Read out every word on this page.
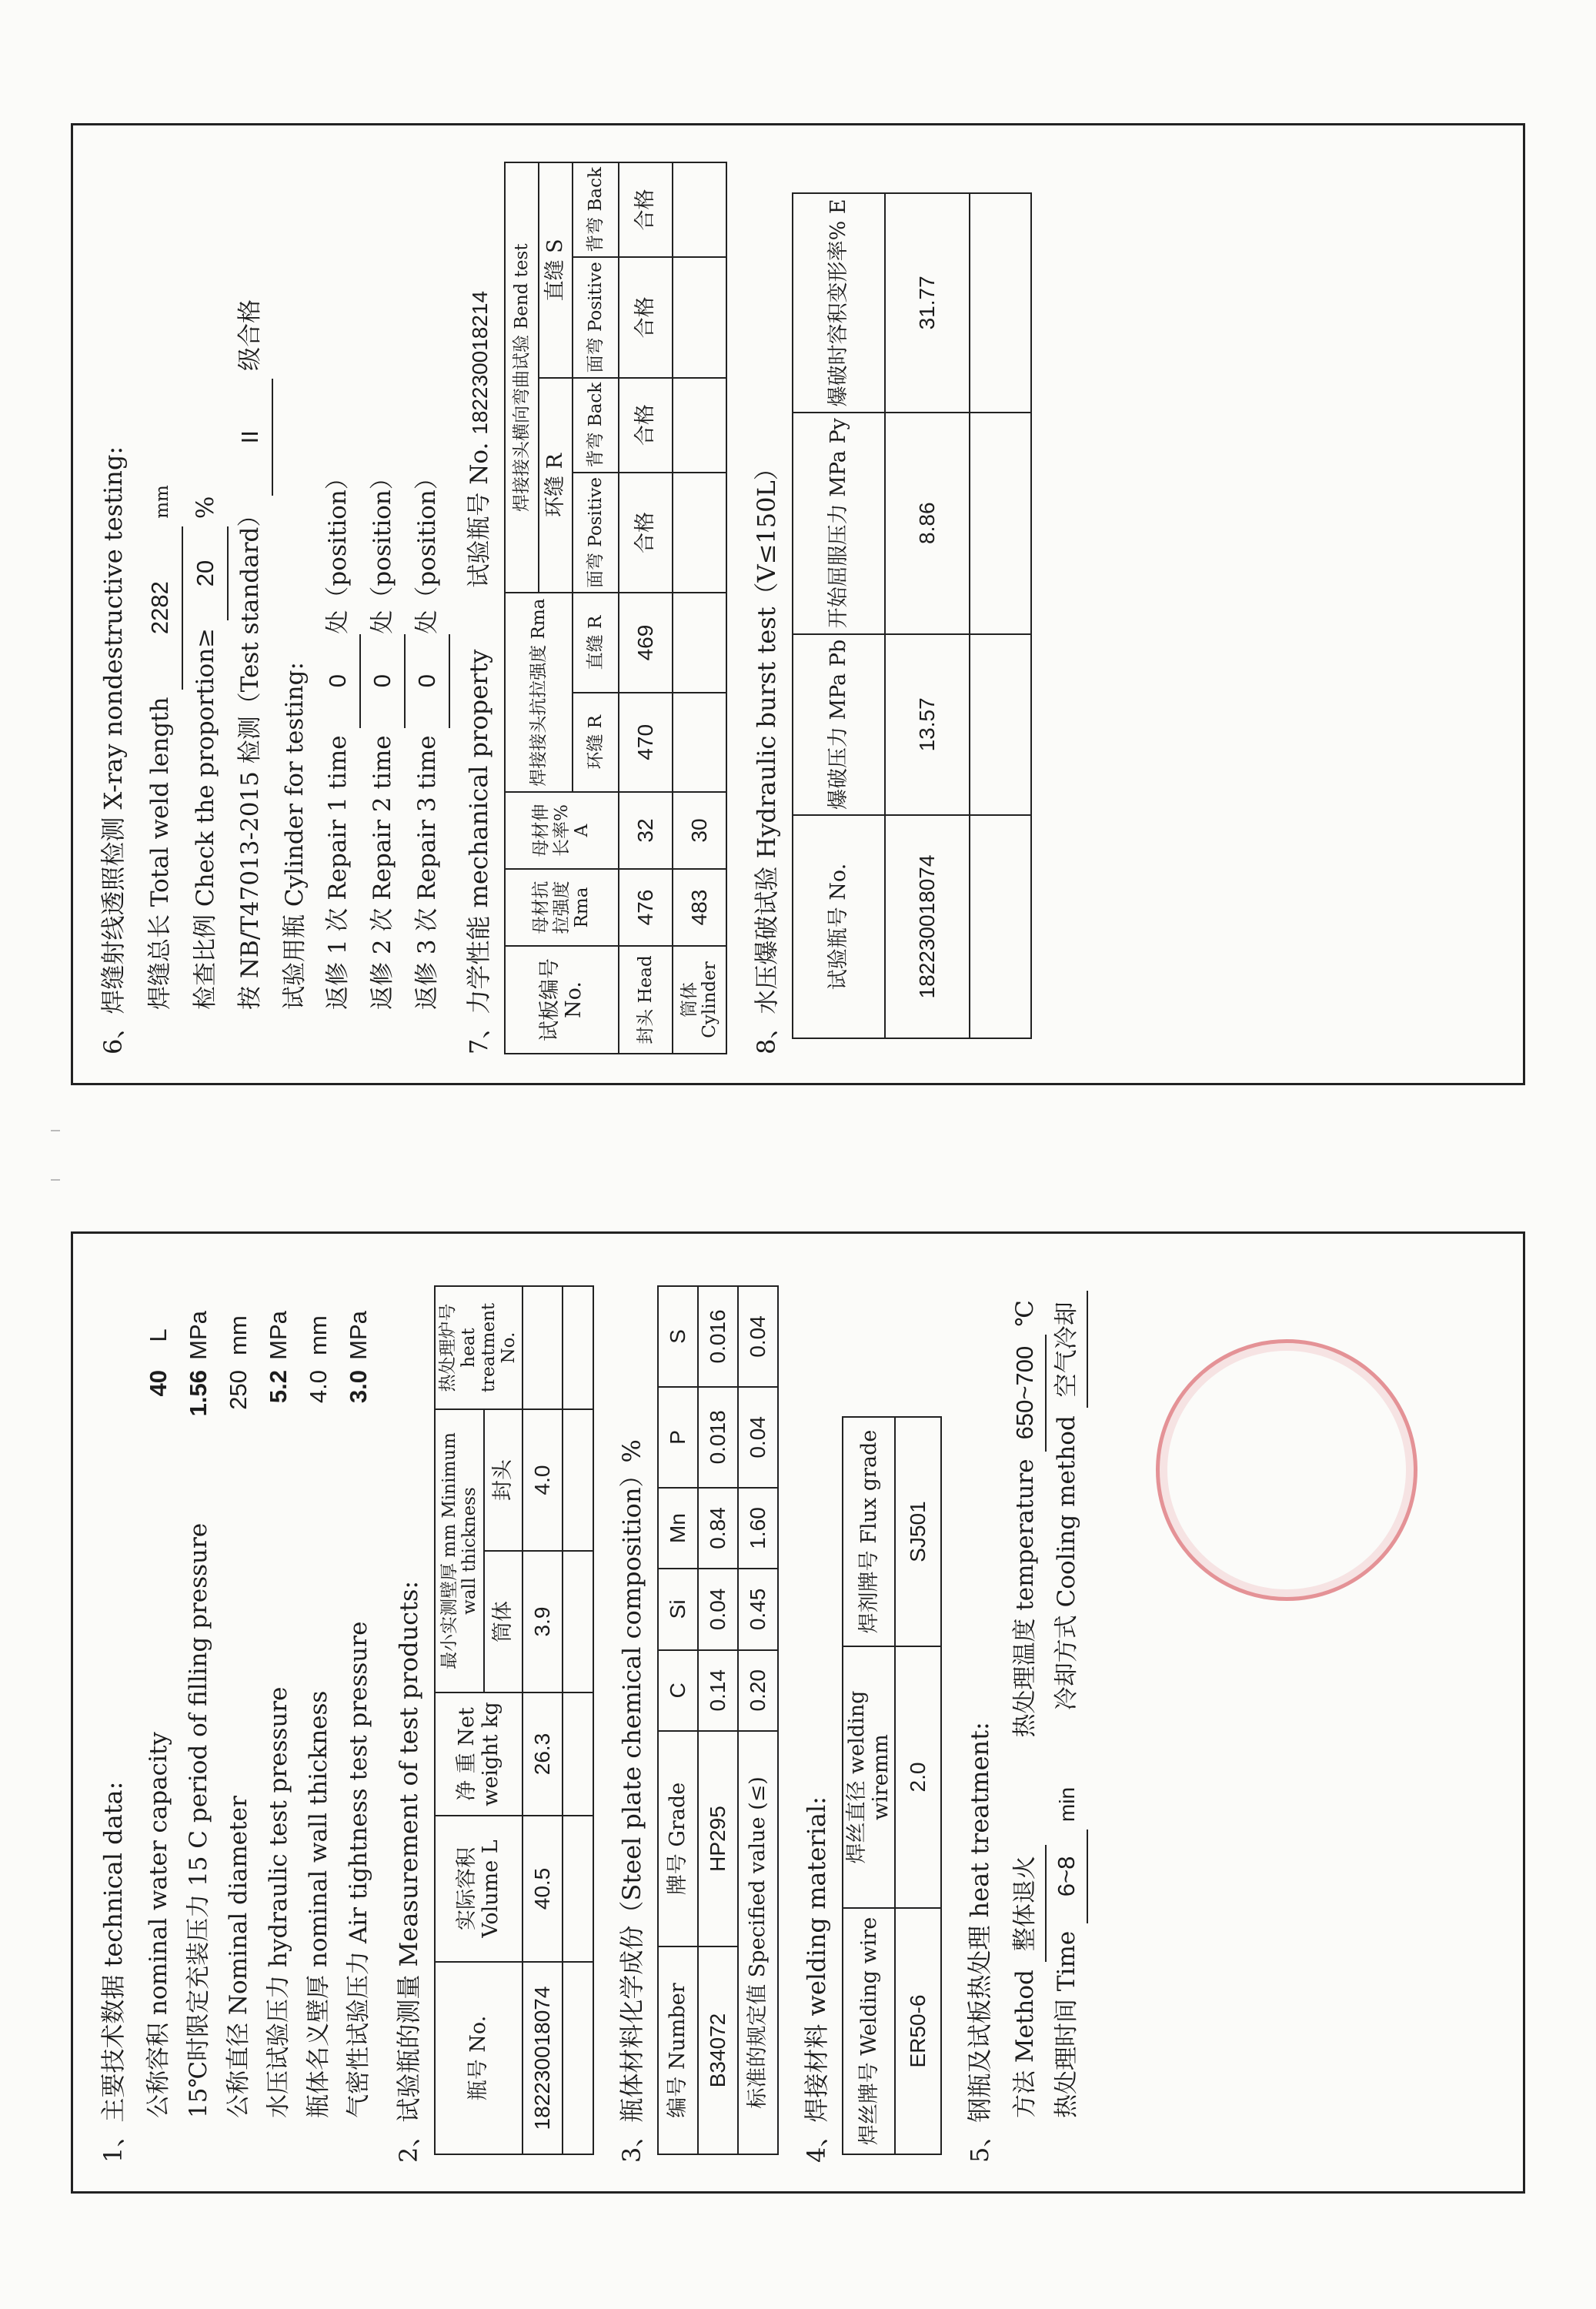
1、主要技术数据 technical data: 公称容积 nominal water capacity
40
L
15℃时限定充装压力 15 C period of filling pressure
1.56
MPa
公称直径 Nominal diameter
250
mm
水压试验压力 hydraulic test pressure
5.2
MPa
瓶体名义壁厚 nominal wall thickness
4.0
mm
气密性试验压力 Air tightness test pressure
3.0
MPa
2、试验瓶的测量 Measurement of test products: 瓶号 No.	实际容积 Volume L	净 重 Net weight kg	最小实测壁厚 mm Minimum wall thickness		热处理炉号 heat treatment No.
			筒体	封头	
182230018074	40.5	26.3	3.9	4.0	
						3、瓶体材料化学成份（Steel plate chemical composition）% 编号 Number	牌号 Grade	C	Si	Mn	P	S
B34072	HP295	0.14	0.04	0.84	0.018	0.016
标准的规定值 Specified value (≤)		0.20	0.45	1.60	0.04	0.04
4、焊接材料 welding material: 焊丝牌号 Welding wire	焊丝直径 welding wiremm	焊剂牌号 Flux grade
ER50-6	2.0	SJ501
5、钢瓶及试板热处理 heat treatment: 方法 Method 整体退火  热处理温度 temperature 650~700 ℃
热处理时间 Time 6~8 min  冷却方式 Cooling method 空气冷却
6、焊缝射线透照检测 X-ray nondestructive testing: 焊缝总长 Total weld length 2282 mm
检查比例 Check the proportion≥ 20 % 按 NB/T47013-2015 检测（Test standard） II 级合格
试验用瓶 Cylinder for testing: 返修 1 次 Repair 1 time 0处（position）
返修 2 次 Repair 2 time 0处（position）
返修 3 次 Repair 3 time 0处（position）
7、力学性能 mechanical property
试验瓶号 No. 182230018214
试板编号 No.	母材抗拉强度 Rma	母材伸长率% A	焊接接头抗拉强度 Rma		焊接接头横向弯曲试验 Bend test			
					环缝 R		直缝 S	
			环缝 R	直缝 R	面弯 Positive	背弯 Back	面弯 Positive	背弯 Back
封头 Head	476	32	470	469	合格	合格	合格	合格
筒体 Cylinder	483	30						8、水压爆破试验 Hydraulic burst test（V≤150L） 试验瓶号 No.	爆破压力 MPa Pb	开始屈服压力 MPa Py	爆破时容积变形率% E
182230018074	13.57	8.86	31.77
